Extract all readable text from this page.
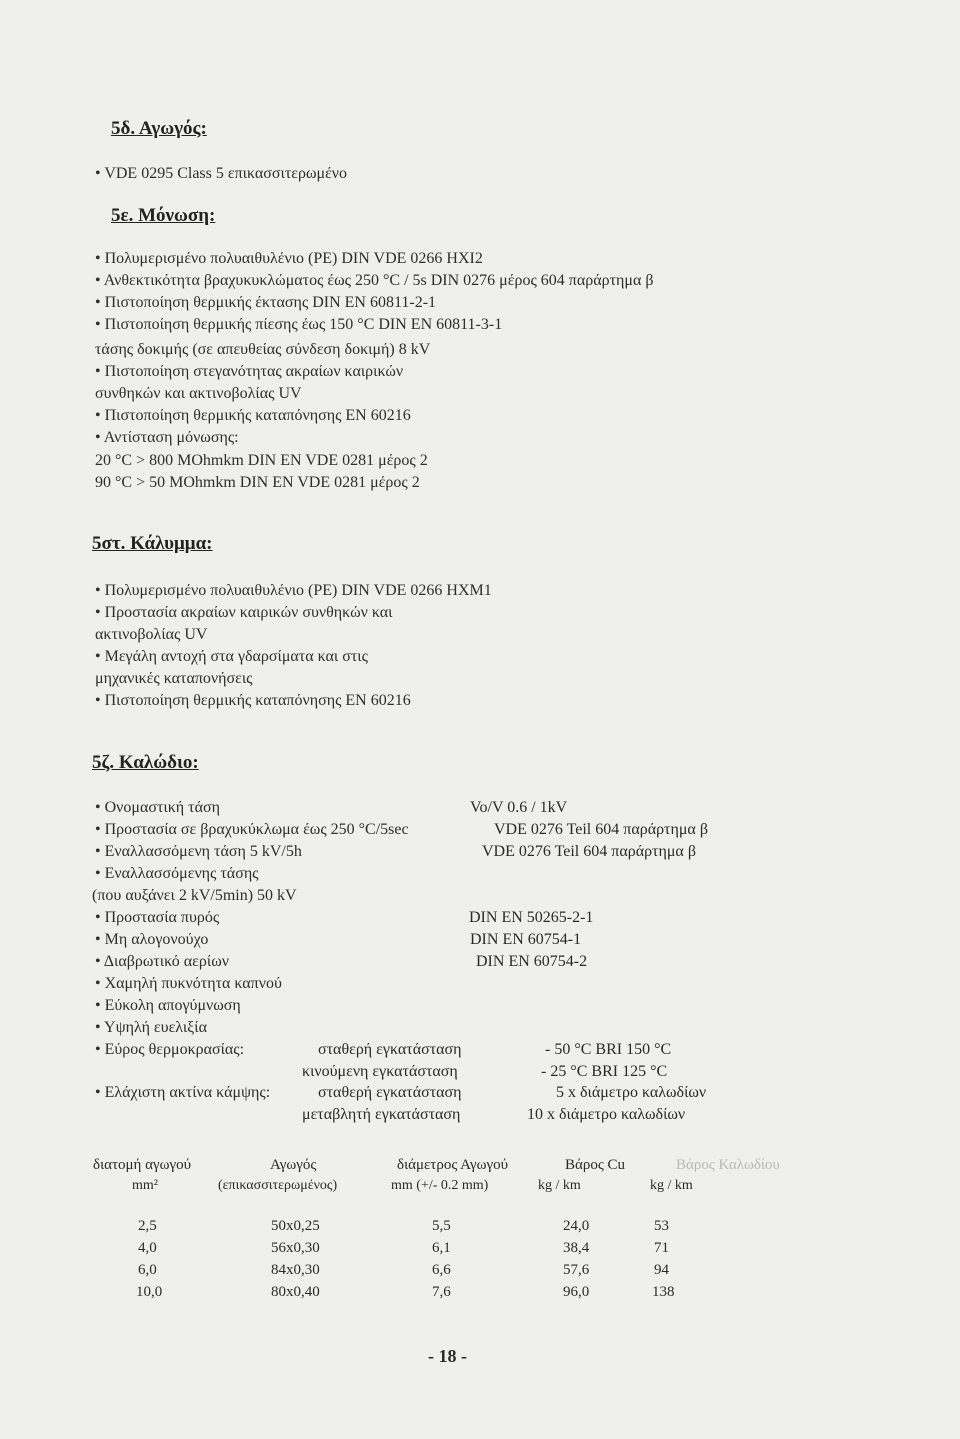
5δ. Αγωγός:
• VDE 0295 Class 5 επικασσιτερωμένο
5ε. Μόνωση:
• Πολυμερισμένο πολυαιθυλένιο (PE) DIN VDE 0266 HXI2
• Ανθεκτικότητα βραχυκυκλώματος έως 250 °C / 5s DIN 0276 μέρος 604 παράρτημα β
• Πιστοποίηση θερμικής έκτασης DIN EN 60811-2-1
• Πιστοποίηση θερμικής πίεσης έως 150 °C DIN EN 60811-3-1
τάσης δοκιμής (σε απευθείας σύνδεση δοκιμή) 8 kV
• Πιστοποίηση στεγανότητας ακραίων καιρικών
συνθηκών και ακτινοβολίας UV
• Πιστοποίηση θερμικής καταπόνησης EN 60216
• Αντίσταση μόνωσης:
20 °C > 800 MOhmkm DIN EN VDE 0281 μέρος 2
90 °C > 50 MOhmkm DIN EN VDE 0281 μέρος 2
5στ. Κάλυμμα:
• Πολυμερισμένο πολυαιθυλένιο (PE) DIN VDE 0266 HXM1
• Προστασία ακραίων καιρικών συνθηκών και
ακτινοβολίας UV
• Μεγάλη αντοχή στα γδαρσίματα και στις
μηχανικές καταπονήσεις
• Πιστοποίηση θερμικής καταπόνησης EN 60216
5ζ. Καλώδιο:
• Ονομαστική τάση	Vo/V 0.6 / 1kV
• Προστασία σε βραχυκύκλωμα έως 250 °C/5sec	VDE 0276 Teil 604 παράρτημα β
• Εναλλασσόμενη τάση 5 kV/5h	VDE 0276 Teil 604 παράρτημα β
• Εναλλασσόμενης τάσης
(που αυξάνει 2 kV/5min) 50 kV
• Προστασία πυρός	DIN EN 50265-2-1
• Μη αλογονούχο	DIN EN 60754-1
• Διαβρωτικό αερίων	DIN EN 60754-2
• Χαμηλή πυκνότητα καπνού
• Εύκολη απογύμνωση
• Υψηλή ευελιξία
• Εύρος θερμοκρασίας:	σταθερή εγκατάσταση	- 50 °C BRI 150 °C
κινούμενη εγκατάσταση	- 25 °C BRI 125 °C
• Ελάχιστη ακτίνα κάμψης:	σταθερή εγκατάσταση	5 x διάμετρο καλωδίων
μεταβλητή εγκατάσταση	10 x διάμετρο καλωδίων
διατομή αγωγού	Αγωγός	διάμετρος Αγωγού	Βάρος Cu	Βάρος Καλωδίου
mm²	(επικασσιτερωμένος)	mm (+/- 0.2 mm)	kg / km	kg / km
2,5	50x0,25	5,5	24,0	53
4,0	56x0,30	6,1	38,4	71
6,0	84x0,30	6,6	57,6	94
10,0	80x0,40	7,6	96,0	138
- 18 -
